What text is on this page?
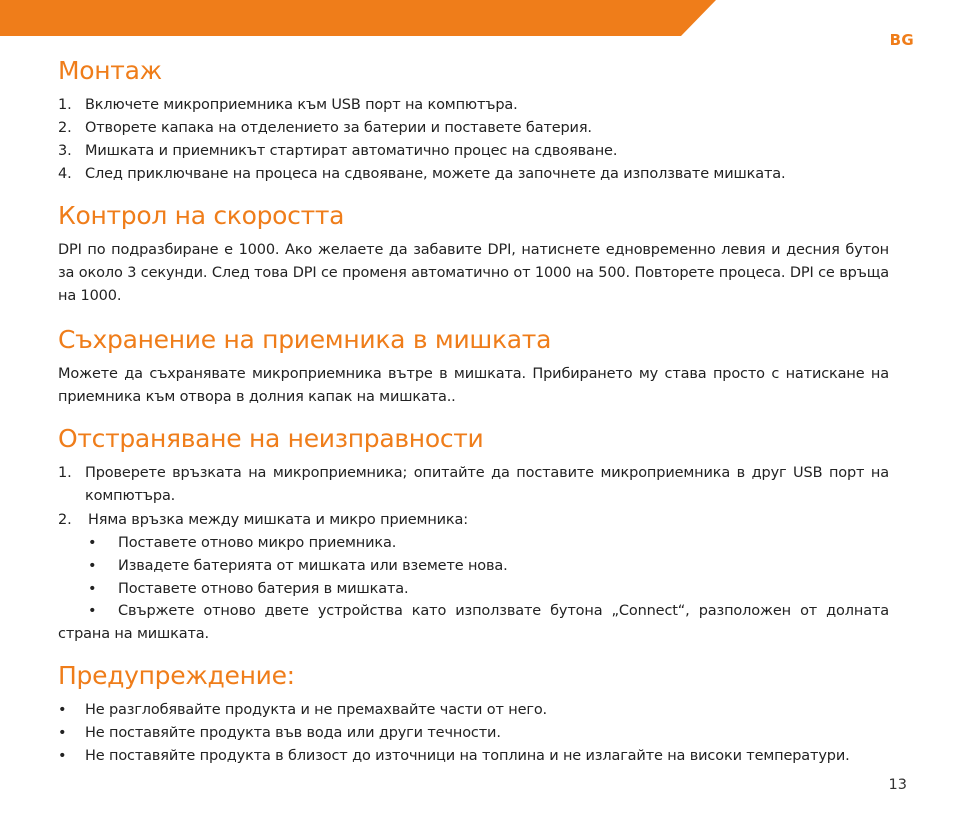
BG
Монтаж
1. Включете микроприемника към USB порт на компютъра.
2. Отворете капака на отделението за батерии и поставете батерия.
3. Мишката и приемникът стартират автоматично процес на сдвояване.
4. След приключване на процеса на сдвояване, можете да започнете да използвате мишката.
Контрол на скоростта

DPI по подразбиране е 1000. Ако желаете да забавите DPI, натиснете едновременно левия и десния бутон за около 3 секунди. След това DPI се променя автоматично от 1000 на 500. Повторете процеса. DPI се връща на 1000.

Съхранение на приемника в мишката

Можете да съхранявате микроприемника вътре в мишката. Прибирането му става просто с натискане на приемника към отвора в долния капак на мишката..

Отстраняване на неизправности
1. Проверете връзката на микроприемника; опитайте да поставите микроприемника в друг USB порт на компютъра.

2. Няма връзка между мишката и микро приемника:
• Поставете отново микро приемника.
• Извадете батерията от мишката или вземете нова.
• Поставете отново батерия в мишката.
•	Свържете отново двете устройства като използвате бутона „Connect“, разположен от долната страна на мишката.

Предупреждение:
• Не разглобявайте продукта и не премахвайте части от него.
• Не поставяйте продукта във вода или други течности.
• Не поставяйте продукта в близост до източници на топлина и не излагайте на високи температури.

13
